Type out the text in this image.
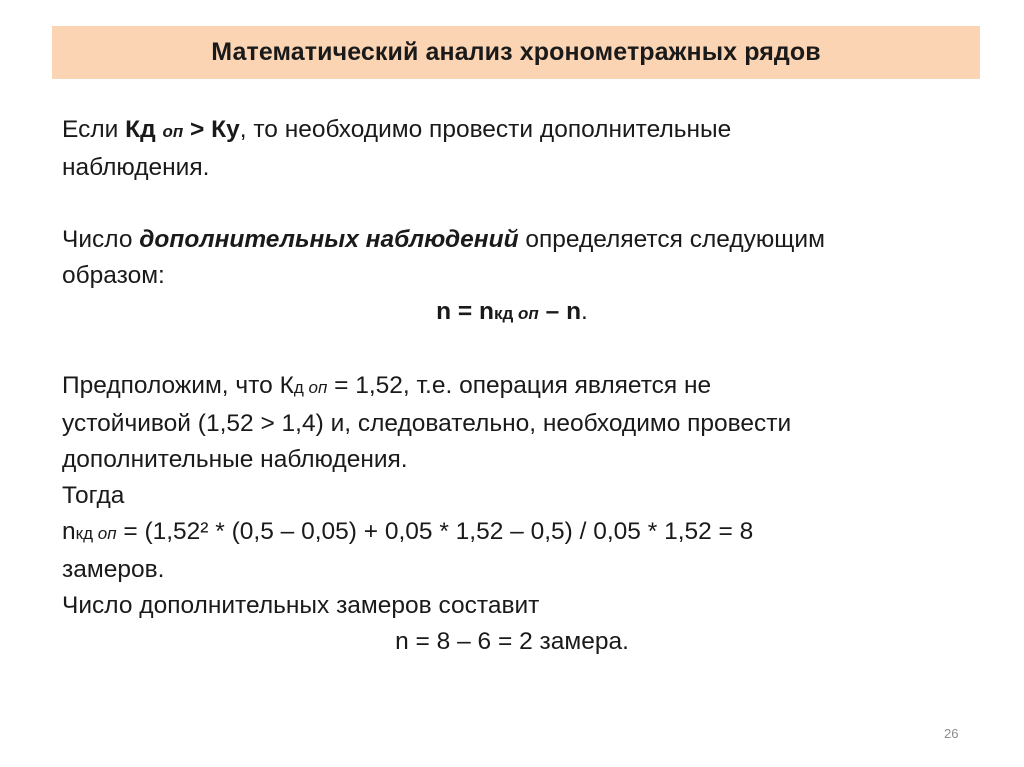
Математический анализ хронометражных рядов
Если Кд оп > Ку, то необходимо провести дополнительные
наблюдения.
Число дополнительных наблюдений определяется следующим
образом:
n = nкд оп – n.
Предположим, что Кд оп = 1,52, т.е. операция является не
устойчивой (1,52 > 1,4) и, следовательно, необходимо провести
дополнительные наблюдения.
Тогда
nкд оп = (1,52² * (0,5 – 0,05) + 0,05 * 1,52 – 0,5) / 0,05 * 1,52 = 8
замеров.
Число дополнительных замеров составит
n = 8 – 6 = 2 замера.
26
